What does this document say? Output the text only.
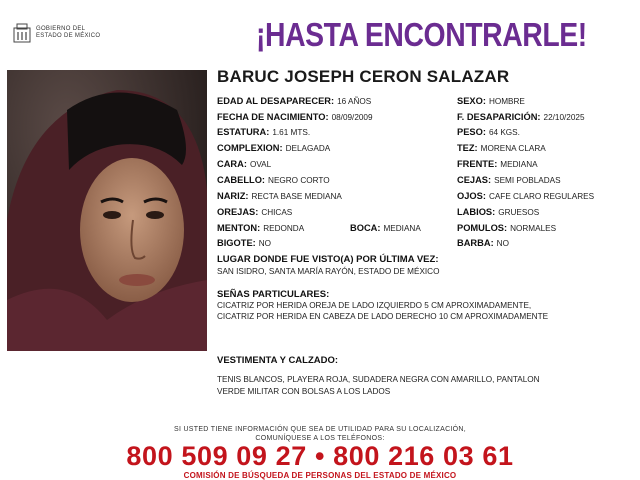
GOBIERNO DEL
ESTADO DE MÉXICO	¡HASTA ENCONTRARLE!
BARUC JOSEPH CERON SALAZAR
EDAD AL DESAPARECER: 16 AÑOS
FECHA DE NACIMIENTO: 08/09/2009
ESTATURA: 1.61 MTS.
COMPLEXION: DELAGADA
CARA: OVAL
CABELLO: NEGRO CORTO
NARIZ: RECTA BASE MEDIANA
OREJAS: CHICAS
MENTON: REDONDA	BOCA: MEDIANA
BIGOTE: NO
SEXO: HOMBRE
F. DESAPARICIÓN: 22/10/2025
PESO: 64 KGS.
TEZ: MORENA CLARA
FRENTE: MEDIANA
CEJAS: SEMI POBLADAS
OJOS: CAFE CLARO REGULARES
LABIOS: GRUESOS
POMULOS: NORMALES
BARBA: NO
LUGAR DONDE FUE VISTO(A) POR ÚLTIMA VEZ:
SAN ISIDRO, SANTA MARÍA RAYÓN, ESTADO DE MÉXICO
SEÑAS PARTICULARES:
CICATRIZ POR HERIDA OREJA DE LADO IZQUIERDO 5 CM APROXIMADAMENTE,
CICATRIZ POR HERIDA EN CABEZA DE LADO DERECHO 10 CM APROXIMADAMENTE
VESTIMENTA Y CALZADO:
TENIS BLANCOS, PLAYERA ROJA, SUDADERA NEGRA CON AMARILLO, PANTALON
VERDE MILITAR CON BOLSAS A LOS LADOS
SI USTED TIENE INFORMACIÓN QUE SEA DE UTILIDAD PARA SU LOCALIZACIÓN,
COMUNÍQUESE A LOS TELÉFONOS:
800 509 09 27 • 800 216 03 61
COMISIÓN DE BÚSQUEDA DE PERSONAS DEL ESTADO DE MÉXICO
